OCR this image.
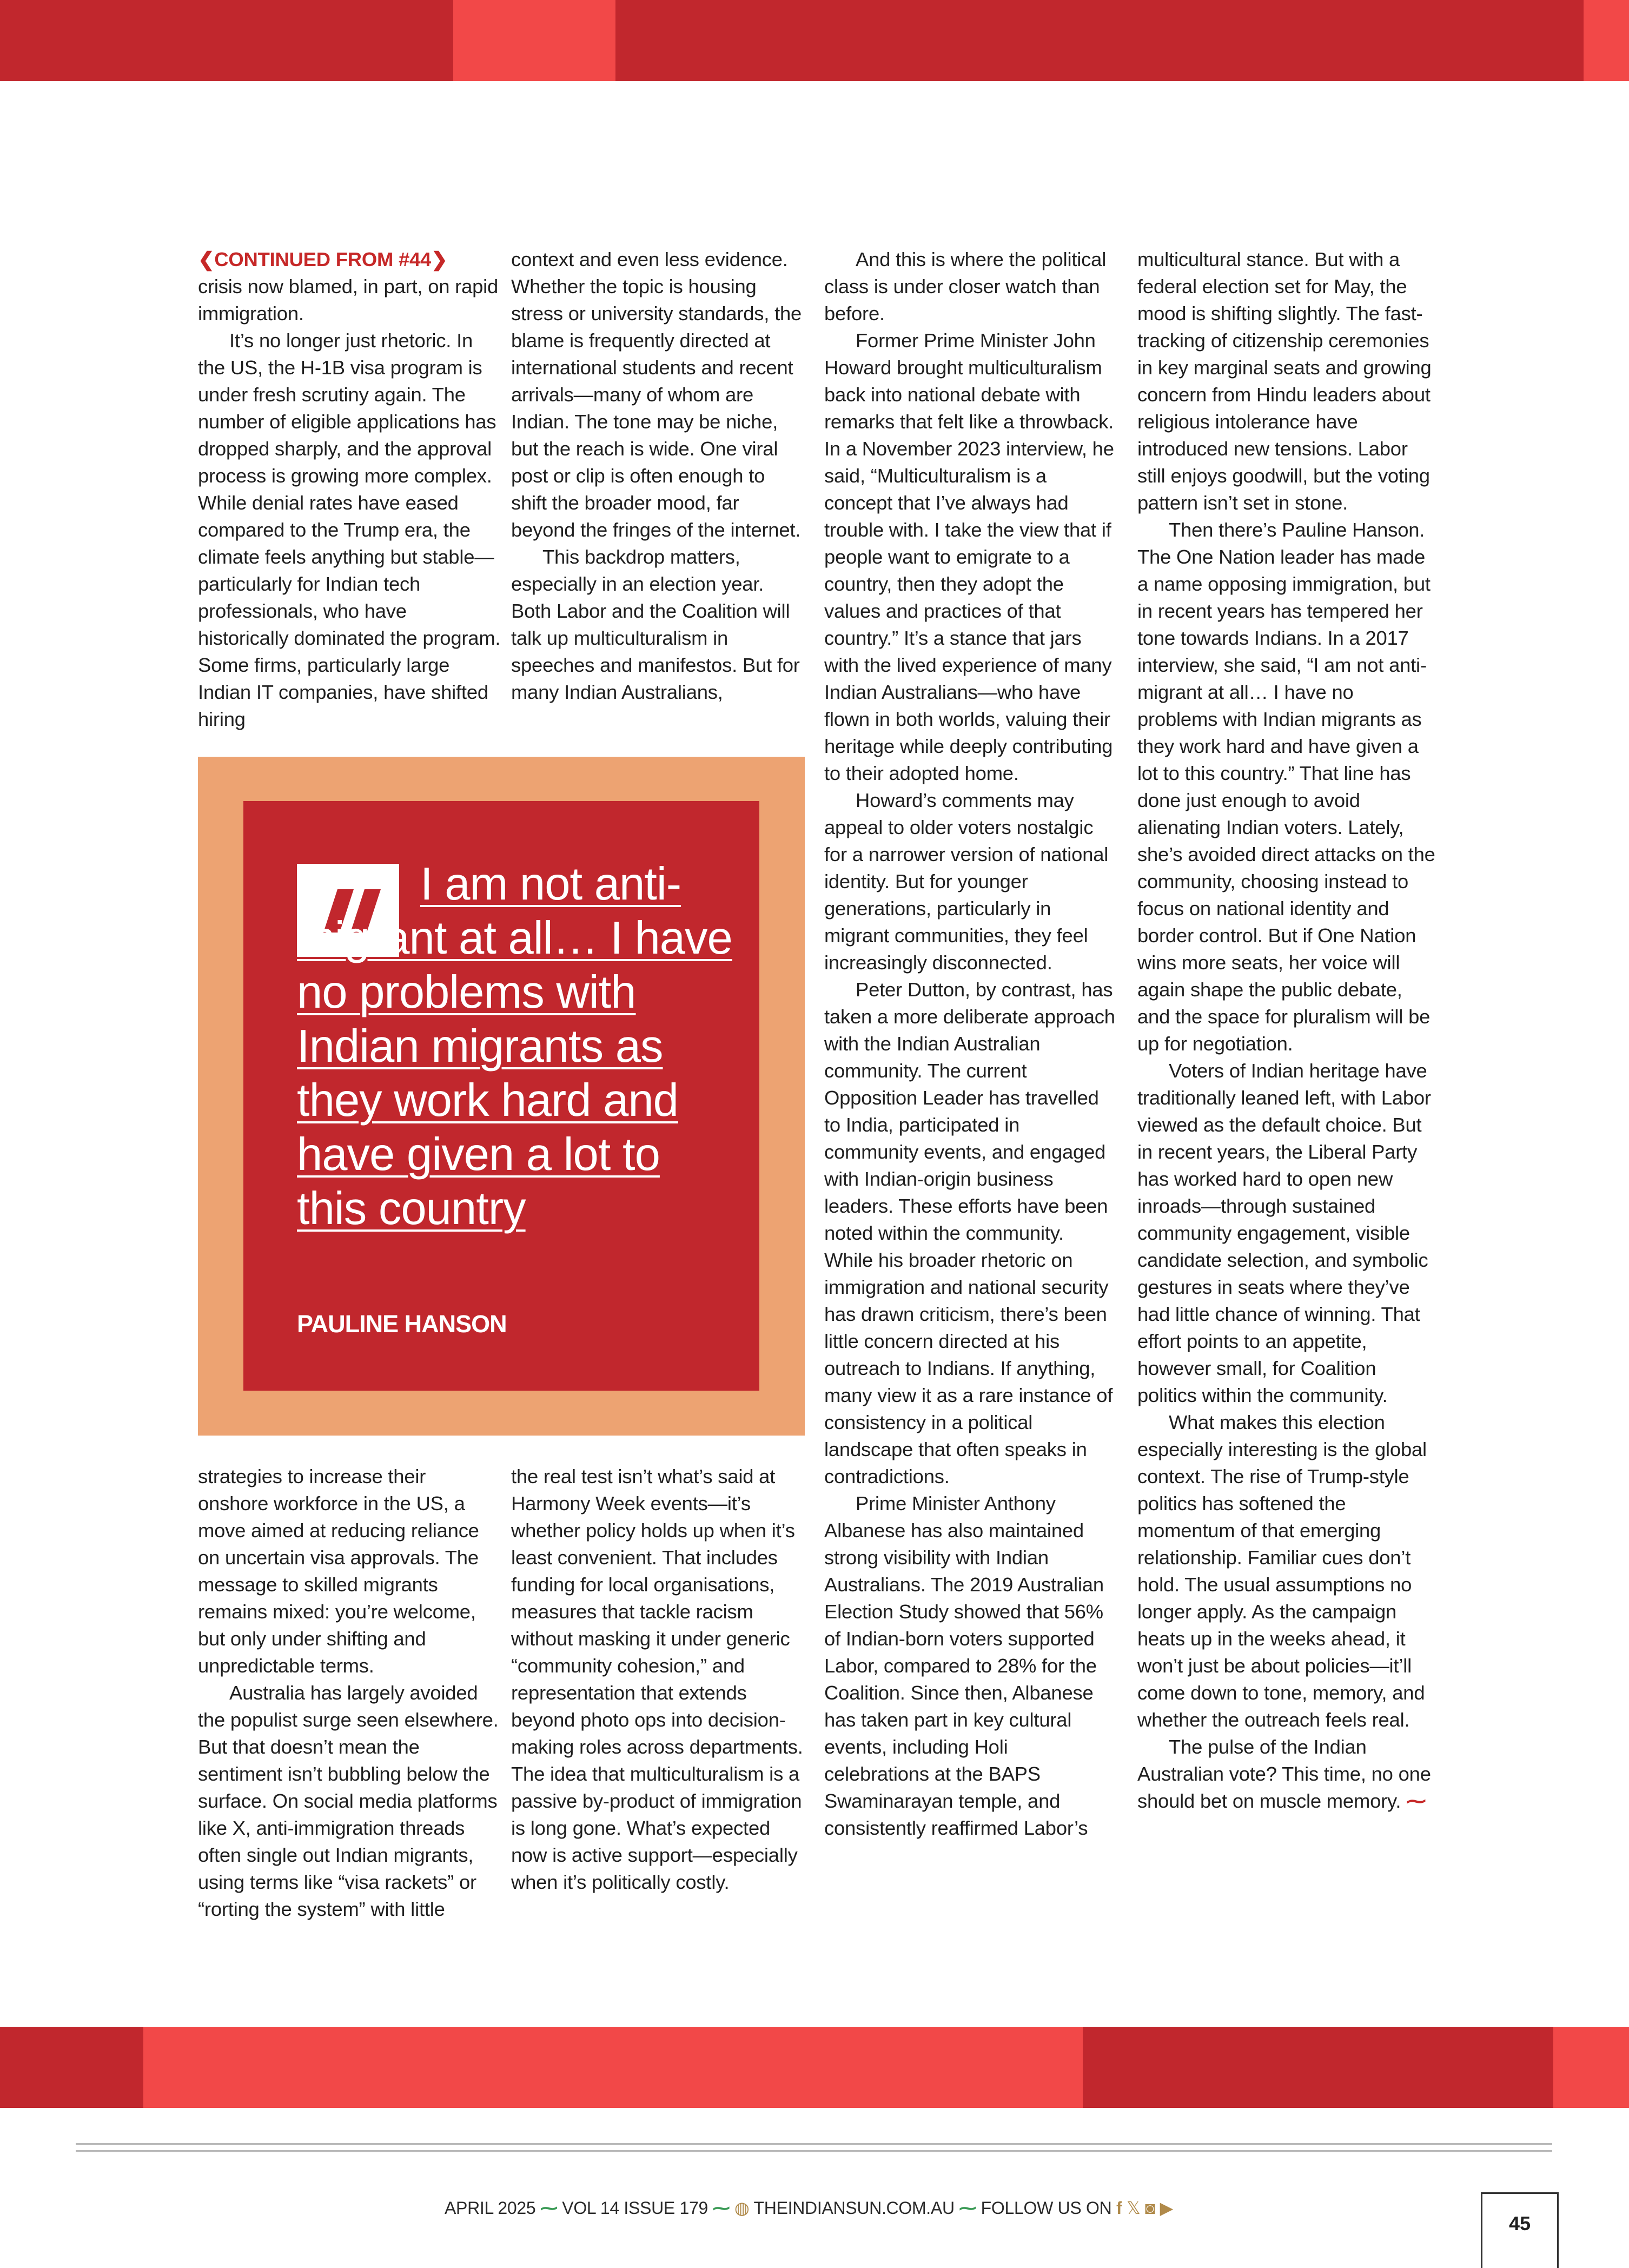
❮CONTINUED FROM #44❯

crisis now blamed, in part, on rapid immigration.

It’s no longer just rhetoric. In the US, the H-1B visa program is under fresh scrutiny again. The number of eligible applications has dropped sharply, and the approval process is growing more complex. While denial rates have eased compared to the Trump era, the climate feels anything but stable—particularly for Indian tech professionals, who have historically dominated the program. Some firms, particularly large Indian IT companies, have shifted hiring

context and even less evidence. Whether the topic is housing stress or university standards, the blame is frequently directed at international students and recent arrivals—many of whom are Indian. The tone may be niche, but the reach is wide. One viral post or clip is often enough to shift the broader mood, far beyond the fringes of the internet.

This backdrop matters, especially in an election year. Both Labor and the Coalition will talk up multiculturalism in speeches and manifestos. But for many Indian Australians,

I am not anti-migrant at all… I have no problems with Indian migrants as they work hard and have given a lot to this country
PAULINE HANSON

strategies to increase their onshore workforce in the US, a move aimed at reducing reliance on uncertain visa approvals. The message to skilled migrants remains mixed: you’re welcome, but only under shifting and unpredictable terms.

Australia has largely avoided the populist surge seen elsewhere. But that doesn’t mean the sentiment isn’t bubbling below the surface. On social media platforms like X, anti-immigration threads often single out Indian migrants, using terms like “visa rackets” or “rorting the system” with little

the real test isn’t what’s said at Harmony Week events—it’s whether policy holds up when it’s least convenient. That includes funding for local organisations, measures that tackle racism without masking it under generic “community cohesion,” and representation that extends beyond photo ops into decision-making roles across departments. The idea that multiculturalism is a passive by-product of immigration is long gone. What’s expected now is active support—especially when it’s politically costly.

And this is where the political class is under closer watch than before.

Former Prime Minister John Howard brought multiculturalism back into national debate with remarks that felt like a throwback. In a November 2023 interview, he said, “Multiculturalism is a concept that I’ve always had trouble with. I take the view that if people want to emigrate to a country, then they adopt the values and practices of that country.” It’s a stance that jars with the lived experience of many Indian Australians—who have flown in both worlds, valuing their heritage while deeply contributing to their adopted home.

Howard’s comments may appeal to older voters nostalgic for a narrower version of national identity. But for younger generations, particularly in migrant communities, they feel increasingly disconnected.

Peter Dutton, by contrast, has taken a more deliberate approach with the Indian Australian community. The current Opposition Leader has travelled to India, participated in community events, and engaged with Indian-origin business leaders. These efforts have been noted within the community. While his broader rhetoric on immigration and national security has drawn criticism, there’s been little concern directed at his outreach to Indians. If anything, many view it as a rare instance of consistency in a political landscape that often speaks in contradictions.

Prime Minister Anthony Albanese has also maintained strong visibility with Indian Australians. The 2019 Australian Election Study showed that 56% of Indian-born voters supported Labor, compared to 28% for the Coalition. Since then, Albanese has taken part in key cultural events, including Holi celebrations at the BAPS Swaminarayan temple, and consistently reaffirmed Labor’s

multicultural stance. But with a federal election set for May, the mood is shifting slightly. The fast-tracking of citizenship ceremonies in key marginal seats and growing concern from Hindu leaders about religious intolerance have introduced new tensions. Labor still enjoys goodwill, but the voting pattern isn’t set in stone.

Then there’s Pauline Hanson. The One Nation leader has made a name opposing immigration, but in recent years has tempered her tone towards Indians. In a 2017 interview, she said, “I am not anti-migrant at all… I have no problems with Indian migrants as they work hard and have given a lot to this country.” That line has done just enough to avoid alienating Indian voters. Lately, she’s avoided direct attacks on the community, choosing instead to focus on national identity and border control. But if One Nation wins more seats, her voice will again shape the public debate, and the space for pluralism will be up for negotiation.

Voters of Indian heritage have traditionally leaned left, with Labor viewed as the default choice. But in recent years, the Liberal Party has worked hard to open new inroads—through sustained community engagement, visible candidate selection, and symbolic gestures in seats where they’ve had little chance of winning. That effort points to an appetite, however small, for Coalition politics within the community.

What makes this election especially interesting is the global context. The rise of Trump-style politics has softened the momentum of that emerging relationship. Familiar cues don’t hold. The usual assumptions no longer apply. As the campaign heats up in the weeks ahead, it won’t just be about policies—it’ll come down to tone, memory, and whether the outreach feels real.

The pulse of the Indian Australian vote? This time, no one should bet on muscle memory. ⁓

APRIL 2025 ⁓ VOL 14 ISSUE 179 ⁓ ◍ THEINDIANSUN.COM.AU ⁓ FOLLOW US ON f 𝕏 ◙ ▶
45
